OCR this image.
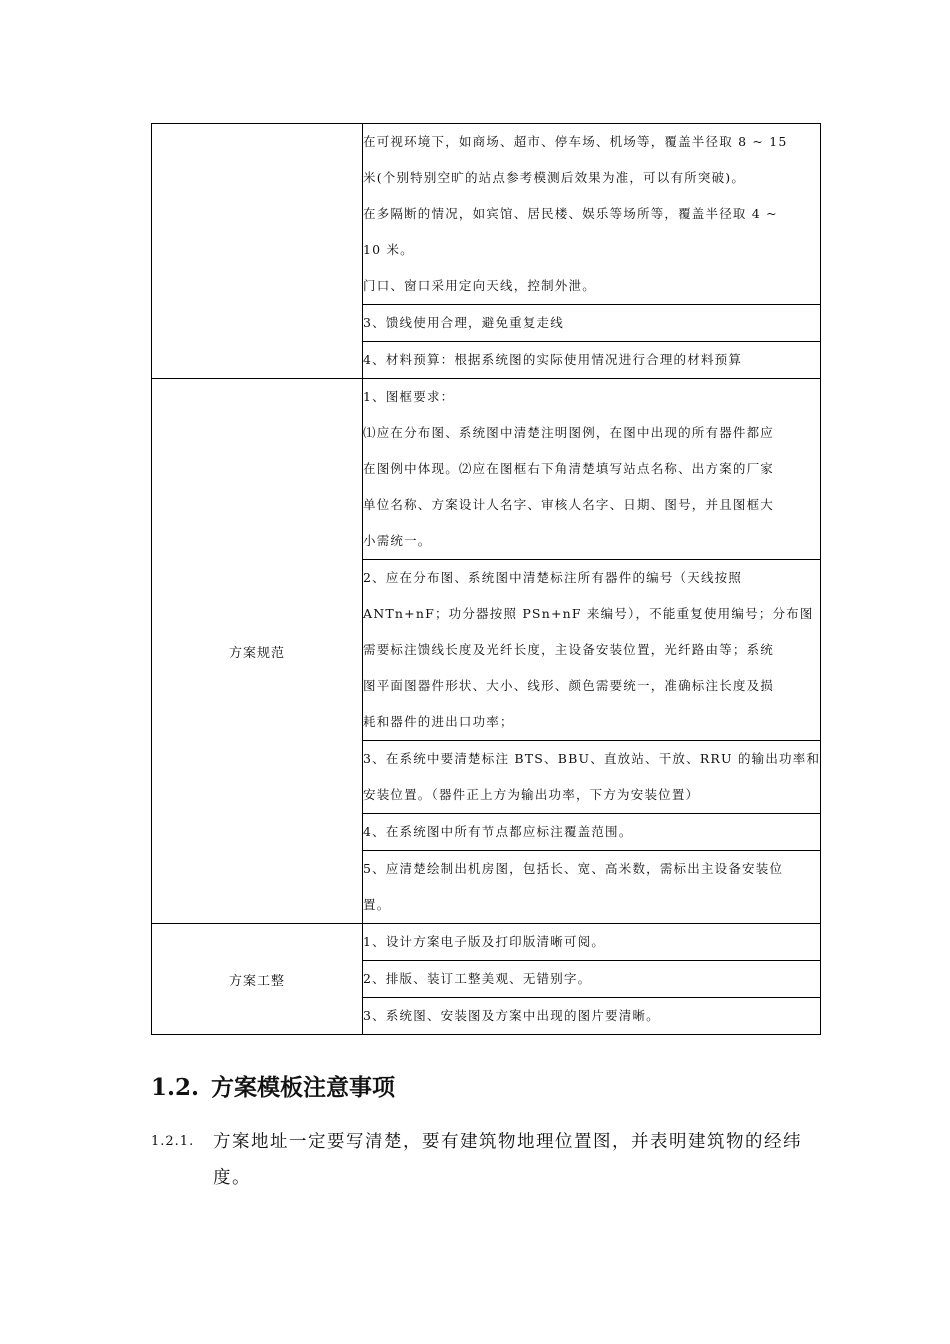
	在可视环境下，如商场、超市、停车场、机场等，覆盖半径取 8 ~ 15
米(个别特别空旷的站点参考模测后效果为准，可以有所突破)。
在多隔断的情况，如宾馆、居民楼、娱乐等场所等，覆盖半径取 4 ~
10 米。
门口、窗口采用定向天线，控制外泄。

	3、馈线使用合理，避免重复走线

	4、材料预算：根据系统图的实际使用情况进行合理的材料预算

方案规范	1、图框要求：
⑴应在分布图、系统图中清楚注明图例，在图中出现的所有器件都应
在图例中体现。⑵应在图框右下角清楚填写站点名称、出方案的厂家
单位名称、方案设计人名字、审核人名字、日期、图号，并且图框大
小需统一。

	2、应在分布图、系统图中清楚标注所有器件的编号（天线按照
ANTn+nF；功分器按照 PSn+nF 来编号），不能重复使用编号；分布图
需要标注馈线长度及光纤长度，主设备安装位置，光纤路由等；系统
图平面图器件形状、大小、线形、颜色需要统一，准确标注长度及损
耗和器件的进出口功率；

	3、在系统中要清楚标注 BTS、BBU、直放站、干放、RRU 的输出功率和
安装位置。（器件正上方为输出功率，下方为安装位置）

	4、在系统图中所有节点都应标注覆盖范围。

	5、应清楚绘制出机房图，包括长、宽、高米数，需标出主设备安装位
置。

方案工整	1、设计方案电子版及打印版清晰可阅。

	2、排版、装订工整美观、无错别字。

	3、系统图、安装图及方案中出现的图片要清晰。
1.2. 方案模板注意事项
1.2.1. 方案地址一定要写清楚，要有建筑物地理位置图，并表明建筑物的经纬
度。
